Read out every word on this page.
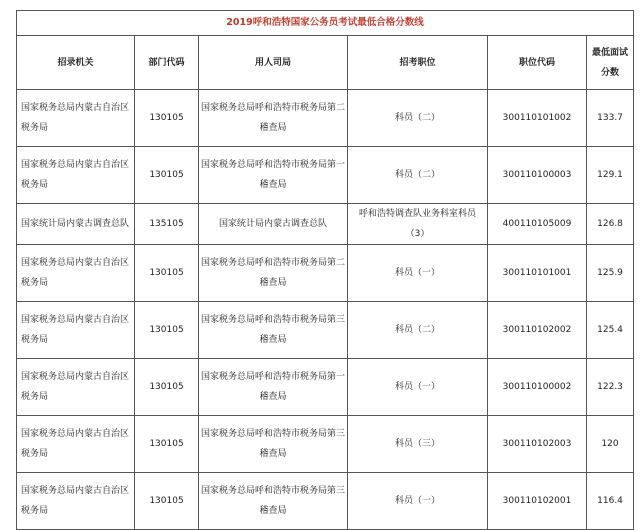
2019呼和浩特国家公务员考试最低合格分数线					
招录机关	部门代码	用人司局	招考职位	职位代码	最低面试分数
国家税务总局内蒙古自治区税务局	130105	国家税务总局呼和浩特市税务局第二稽查局	科员（二）	300110101002	133.7
国家税务总局内蒙古自治区税务局	130105	国家税务总局呼和浩特市税务局第一稽查局	科员（二）	300110100003	129.1
国家统计局内蒙古调查总队	135105	国家统计局内蒙古调查总队	呼和浩特调查队业务科室科员（3）	400110105009	126.8
国家税务总局内蒙古自治区税务局	130105	国家税务总局呼和浩特市税务局第二稽查局	科员（一）	300110101001	125.9
国家税务总局内蒙古自治区税务局	130105	国家税务总局呼和浩特市税务局第三稽查局	科员（二）	300110102002	125.4
国家税务总局内蒙古自治区税务局	130105	国家税务总局呼和浩特市税务局第一稽查局	科员（一）	300110100002	122.3
国家税务总局内蒙古自治区税务局	130105	国家税务总局呼和浩特市税务局第三稽查局	科员（三）	300110102003	120
国家税务总局内蒙古自治区税务局	130105	国家税务总局呼和浩特市税务局第三稽查局	科员（一）	300110102001	116.4
